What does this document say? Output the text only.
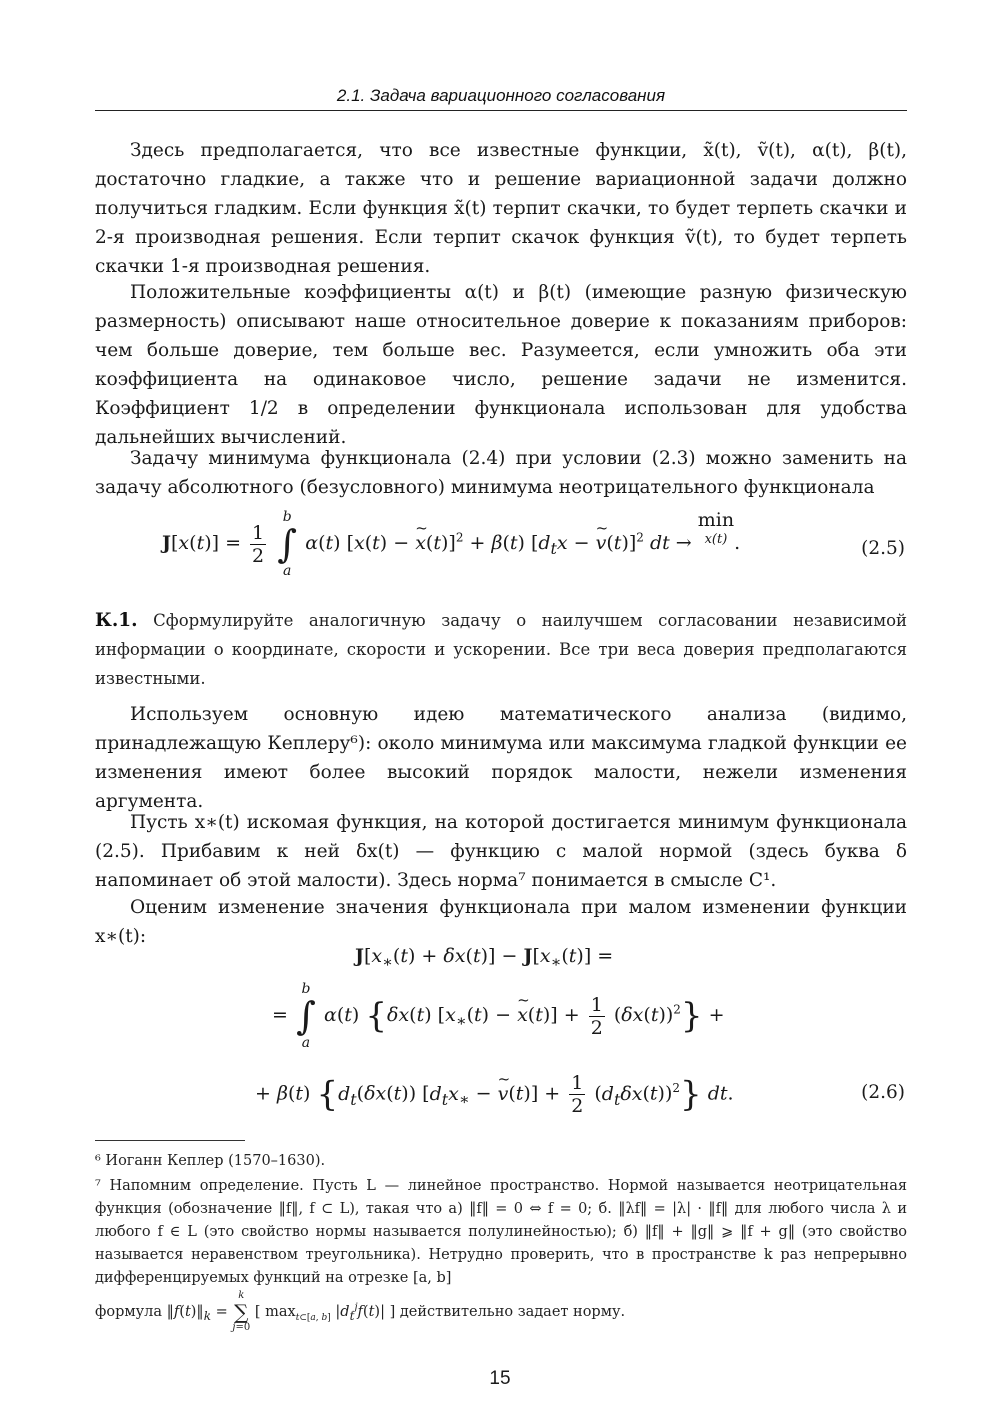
2.1. Задача вариационного согласования

Здесь предполагается, что все известные функции, x̃(t), ṽ(t), α(t), β(t), достаточно гладкие, а также что и решение вариационной задачи должно получиться гладким. Если функция x̃(t) терпит скачки, то будет терпеть скачки и 2-я производная решения. Если терпит скачок функция ṽ(t), то будет терпеть скачки 1-я производная решения.

Положительные коэффициенты α(t) и β(t) (имеющие разную физическую размерность) описывают наше относительное доверие к показаниям приборов: чем больше доверие, тем больше вес. Разумеется, если умножить оба эти коэффициента на одинаковое число, решение задачи не изменится. Коэффициент 1/2 в определении функционала использован для удобства дальнейших вычислений.

Задачу минимума функционала (2.4) при условии (2.3) можно заменить на задачу абсолютного (безусловного) минимума неотрицательного функционала

$J[x(t)] = \frac{1}{2}$

b
∫
a
α(t) [x(t) − ~ x(t)]$^2$ + β(t) [$d_tx$ − ~ v(t)]$^2$ dt → min
x(t) .	(2.5)

К.1. Сформулируйте аналогичную задачу о наилучшем согласовании независимой информации о координате, скорости и ускорении. Все три веса доверия предполагаются известными.

Используем основную идею математического анализа (видимо, принадлежащую Кеплеру⁶): около минимума или максимума гладкой функции ее изменения имеют более высокий порядок малости, нежели изменения аргумента.

Пусть x∗(t) искомая функция, на которой достигается минимум функционала (2.5). Прибавим к ней δx(t) — функцию с малой нормой (здесь буква δ напоминает об этой малости). Здесь норма⁷ понимается в смысле C¹.

Оценим изменение значения функционала при малом изменении функции x∗(t):

$J[x_∗(t) + \delta x(t)] - J[x_∗(t)]$ =
=
b
∫
a
α(t) {δx(t) [$x_∗(t)$ − ~ $x(t)] + \frac{1}{2} (\delta x(t))^2$} +
+ β(t) {$d_t(\delta x(t)) [d_tx_∗$ − ~ $v(t)] + \frac{1}{2} (d_t\delta x(t))^2$} dt.	(2.6)

⁶ Иоганн Кеплер (1570–1630).

⁷ Напомним определение. Пусть L — линейное пространство. Нормой называется неотрицательная функция (обозначение ‖f‖, f ⊂ L), такая что а) ‖f‖ = 0 ⇔ f = 0; б. ‖λf‖ = |λ| · ‖f‖ для любого числа λ и любого f ∈ L (это свойство нормы называется полулинейностью); б) ‖f‖ + ‖g‖ ⩾ ‖f + g‖ (это свойство называется неравенством треугольника). Нетрудно проверить, что в пространстве k раз непрерывно дифференцируемых функций на отрезке [a, b]

формула $‖f(t)‖_k$ =
k
∑
j=0
[ $\max_{t\subset[a, b]} |d_t^jf(t)|$ ] действительно задает норму.
15
